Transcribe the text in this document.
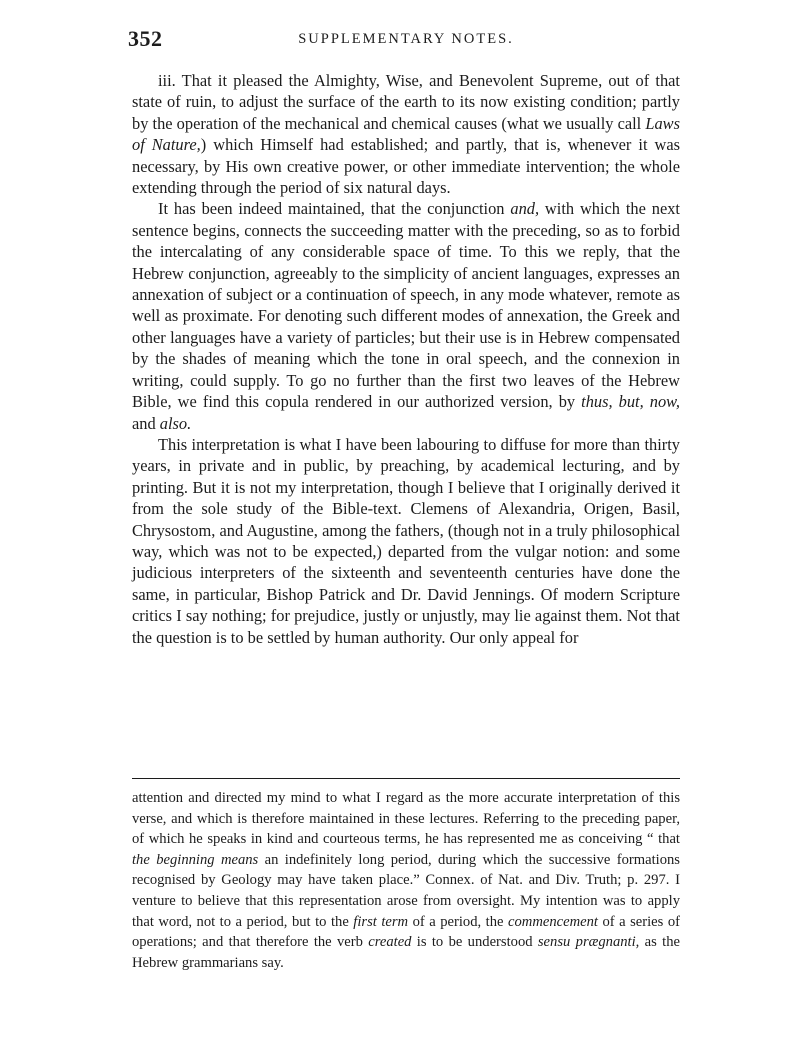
352	SUPPLEMENTARY NOTES.

iii. That it pleased the Almighty, Wise, and Benevolent Supreme, out of that state of ruin, to adjust the surface of the earth to its now existing condition; partly by the operation of the mechanical and chemical causes (what we usually call Laws of Nature,) which Himself had established; and partly, that is, whenever it was necessary, by His own creative power, or other immediate intervention; the whole extending through the period of six natural days.

It has been indeed maintained, that the conjunction and, with which the next sentence begins, connects the succeeding matter with the preceding, so as to forbid the intercalating of any considerable space of time. To this we reply, that the Hebrew conjunction, agreeably to the simplicity of ancient languages, expresses an annexation of subject or a continuation of speech, in any mode whatever, remote as well as proximate. For denoting such different modes of annexation, the Greek and other languages have a variety of particles; but their use is in Hebrew compensated by the shades of meaning which the tone in oral speech, and the connexion in writing, could supply. To go no further than the first two leaves of the Hebrew Bible, we find this copula rendered in our authorized version, by thus, but, now, and also.

This interpretation is what I have been labouring to diffuse for more than thirty years, in private and in public, by preaching, by academical lecturing, and by printing. But it is not my interpretation, though I believe that I originally derived it from the sole study of the Bible-text. Clemens of Alexandria, Origen, Basil, Chrysostom, and Augustine, among the fathers, (though not in a truly philosophical way, which was not to be expected,) departed from the vulgar notion: and some judicious interpreters of the sixteenth and seventeenth centuries have done the same, in particular, Bishop Patrick and Dr. David Jennings. Of modern Scripture critics I say nothing; for prejudice, justly or unjustly, may lie against them. Not that the question is to be settled by human authority. Our only appeal for

attention and directed my mind to what I regard as the more accurate interpretation of this verse, and which is therefore maintained in these lectures. Referring to the preceding paper, of which he speaks in kind and courteous terms, he has represented me as conceiving “ that the beginning means an indefinitely long period, during which the successive formations recognised by Geology may have taken place.” Connex. of Nat. and Div. Truth; p. 297. I venture to believe that this representation arose from oversight. My intention was to apply that word, not to a period, but to the first term of a period, the commencement of a series of operations; and that therefore the verb created is to be understood sensu prægnanti, as the Hebrew grammarians say.
